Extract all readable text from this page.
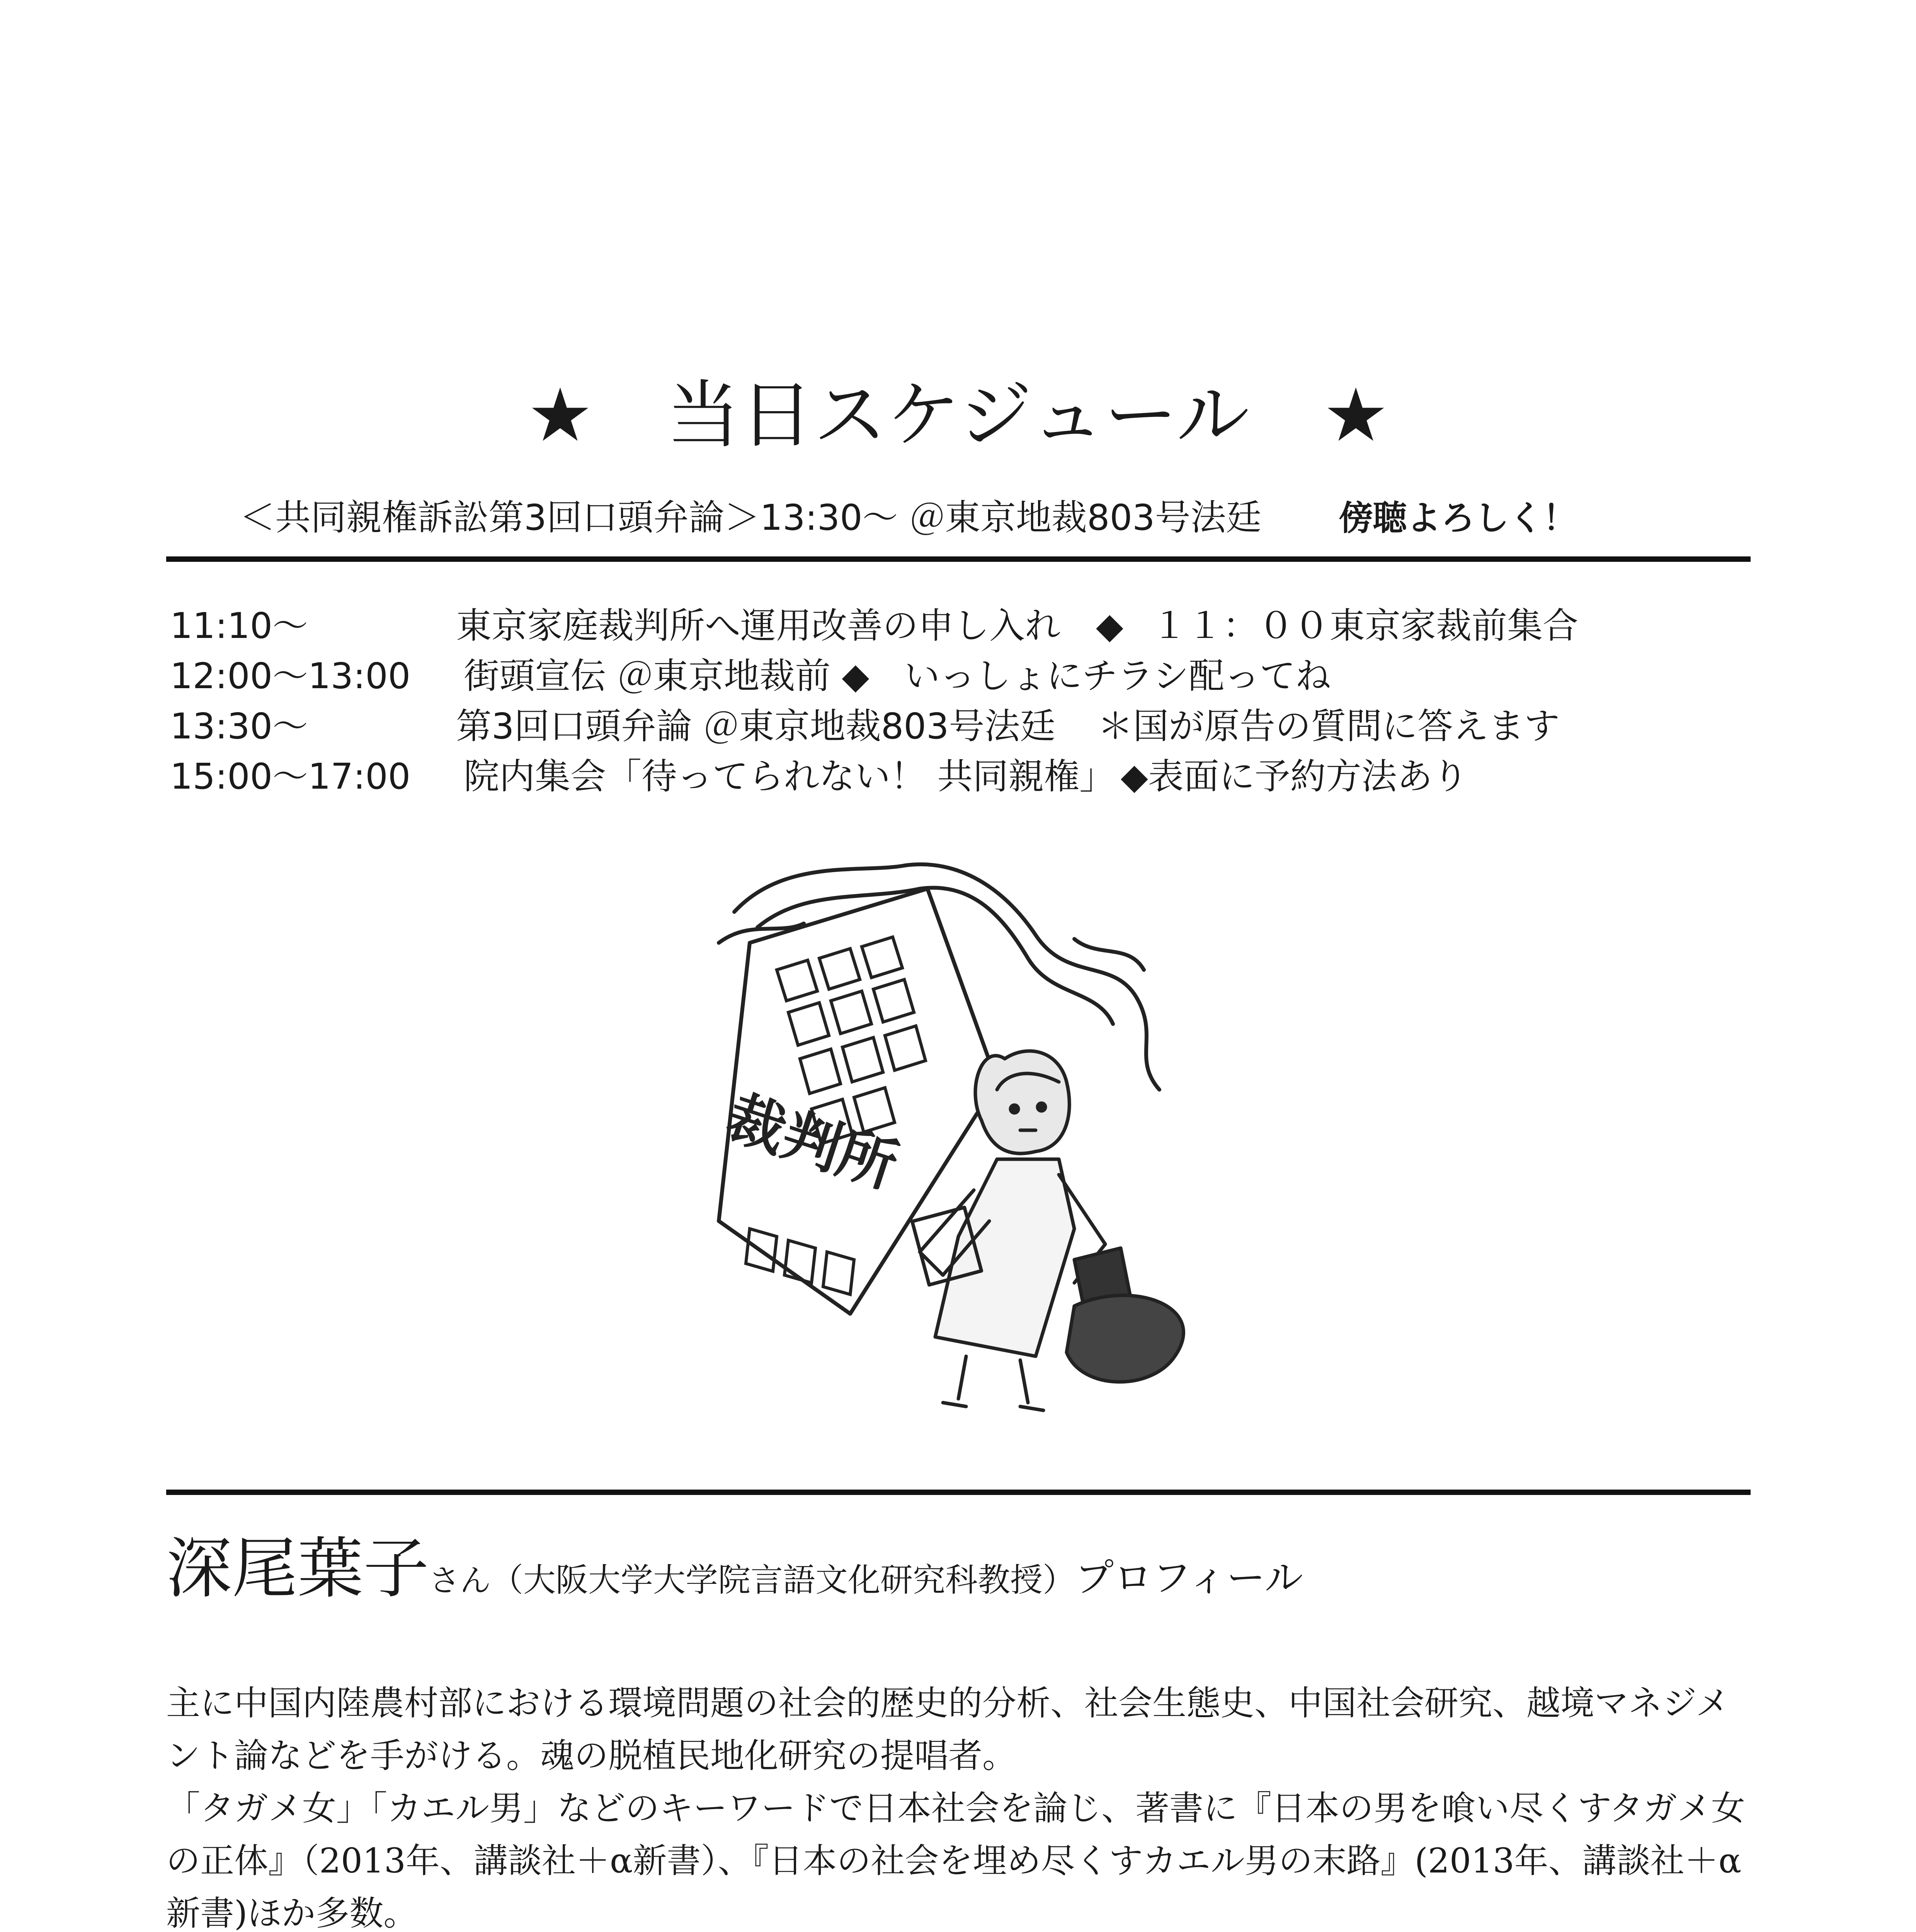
★　当日スケジュール　★
＜共同親権訴訟第3回口頭弁論＞13:30〜 ＠東京地裁803号法廷 傍聴よろしく！
11:10〜	東京家庭裁判所へ運用改善の申し入れ　◆ １１：００東京家裁前集合
12:00〜13:00 街頭宣伝 ＠東京地裁前 ◆ いっしょにチラシ配ってね
13:30〜	第3回口頭弁論 ＠東京地裁803号法廷 ＊国が原告の質問に答えます
15:00〜17:00 院内集会「待ってられない！ 共同親権」 ◆表面に予約方法あり
裁判所
深尾葉子さん（大阪大学大学院言語文化研究科教授）プロフィール

主に中国内陸農村部における環境問題の社会的歴史的分析、社会生態史、中国社会研究、越境マネジメント論などを手がける。魂の脱植民地化研究の提唱者。

「タガメ女」「カエル男」などのキーワードで日本社会を論じ、著書に『日本の男を喰い尽くすタガメ女の正体』（2013年、講談社＋α新書）、『日本の社会を埋め尽くすカエル男の末路』(2013年、講談社＋α新書)ほか多数。
